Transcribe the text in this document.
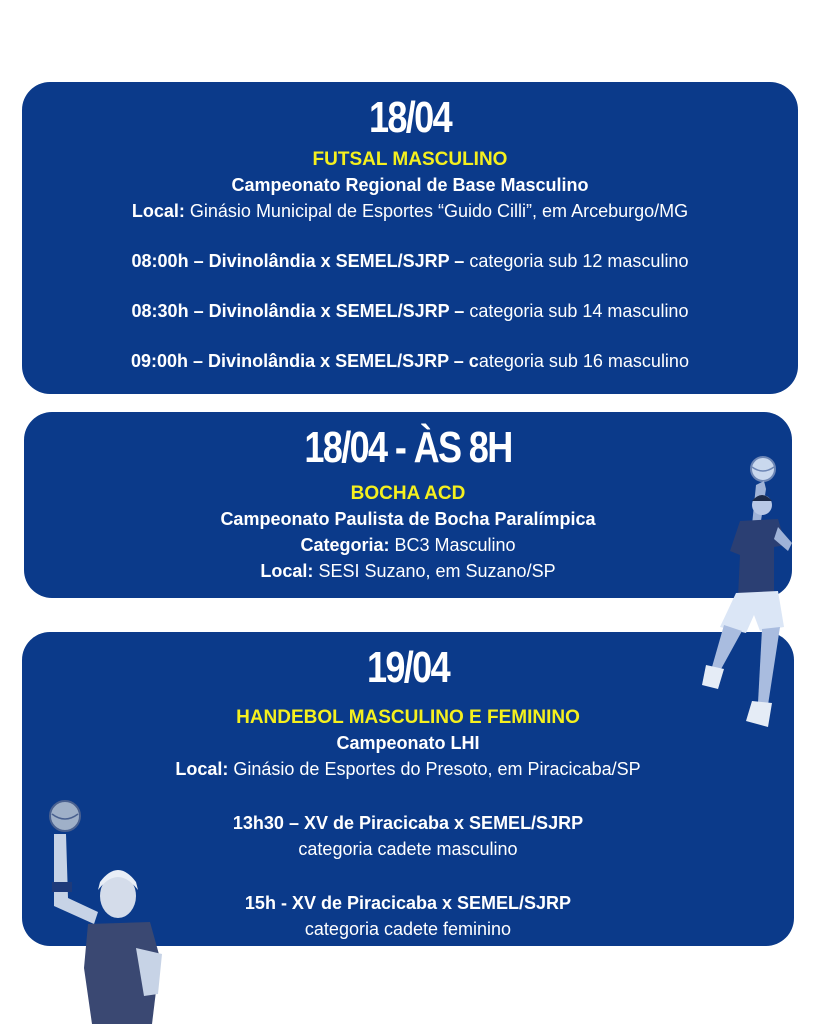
18/04
FUTSAL MASCULINO
Campeonato Regional de Base Masculino
Local: Ginásio Municipal de Esportes “Guido Cilli”, em Arceburgo/MG
08:00h – Divinolândia x SEMEL/SJRP – categoria sub 12 masculino
08:30h – Divinolândia x SEMEL/SJRP – categoria sub 14 masculino
09:00h – Divinolândia x SEMEL/SJRP – categoria sub 16 masculino
18/04 - ÀS 8H
BOCHA ACD
Campeonato Paulista de Bocha Paralímpica
Categoria: BC3 Masculino
Local: SESI Suzano, em Suzano/SP
19/04
HANDEBOL MASCULINO E FEMININO
Campeonato LHI
Local: Ginásio de Esportes do Presoto, em Piracicaba/SP
13h30 – XV de Piracicaba x SEMEL/SJRP
categoria cadete masculino
15h - XV de Piracicaba x SEMEL/SJRP
categoria cadete feminino
